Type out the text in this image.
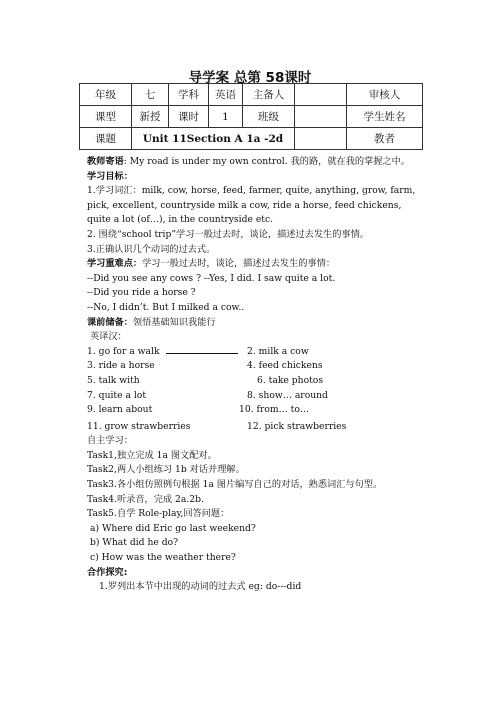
导学案 总第 58课时
年级	七	学科	英语	主备人		审核人
课型	新授	课时	1	班级		学生姓名
课题	Unit 11Section A 1a -2d					教者
教师寄语: My road is under my own control. 我的路，就在我的掌握之中。
学习目标：
1.学习词汇：milk, cow, horse, feed, farmer, quite, anything, grow, farm, pick, excellent, countryside milk a cow, ride a horse, feed chickens, quite a lot (of…), in the countryside etc.
2. 围绕“school trip”学习一般过去时，谈论，描述过去发生的事情。
3.正确认识几个动词的过去式。
学习重难点：学习一般过去时，谈论，描述过去发生的事情：
--Did you see any cows ? --Yes, I did. I saw quite a lot.
--Did you ride a horse ?
--No, I didn’t. But I milked a cow..
课前储备：领悟基础知识我能行
英译汉：
1. go for a walk	2. milk a cow
3. ride a horse	4. feed chickens
5. talk with	6. take photos
7. quite a lot	8. show… around
9. learn about	10. from… to…
11. grow strawberries	12. pick strawberries
自主学习：
Task1,独立完成 1a 图文配对。
Task2,两人小组练习 1b 对话并理解。
Task3.各小组仿照例句根据 1a 图片编写自己的对话，熟悉词汇与句型。
Task4.听录音，完成 2a.2b.
Task5.自学 Role-play,回答问题：
a) Where did Eric go last weekend?
b) What did he do?
c) How was the weather there?
合作探究:
1.罗列出本节中出现的动词的过去式 eg: do---did
